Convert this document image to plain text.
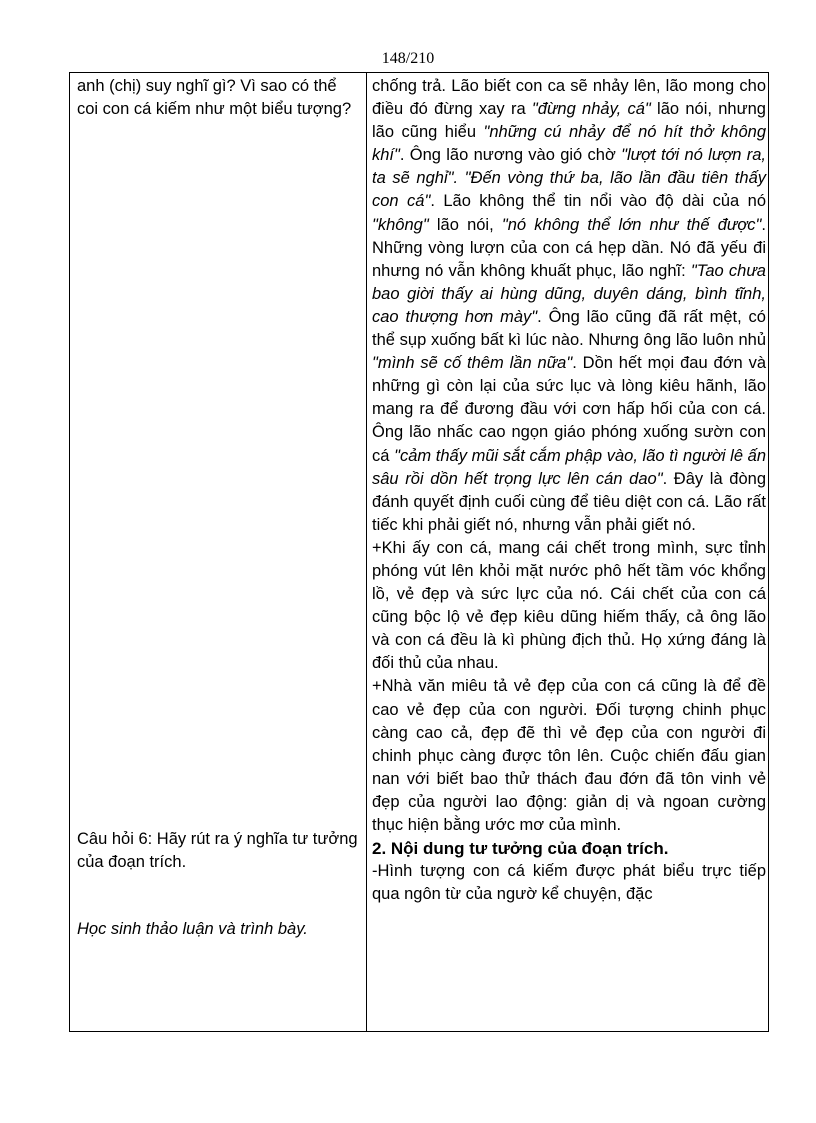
148/210
anh (chị) suy nghĩ gì? Vì sao có thể coi con cá kiếm như một biểu tượng?
Câu hỏi 6: Hãy rút ra ý nghĩa tư tưởng của đoạn trích.
Học sinh thảo luận và trình bày.

chống trả. Lão biết con ca sẽ nhảy lên, lão mong cho điều đó đừng xay ra "đừng nhảy, cá" lão nói, nhưng lão cũng hiểu "những cú nhảy để nó hít thở không khí". Ông lão nương vào gió chờ "lượt tới nó lượn ra, ta sẽ nghỉ". "Đến vòng thứ ba, lão lần đầu tiên thấy con cá". Lão không thể tin nổi vào độ dài của nó "không" lão nói, "nó không thể lớn như thế được". Những vòng lượn của con cá hẹp dần. Nó đã yếu đi nhưng nó vẫn không khuất phục, lão nghĩ: "Tao chưa bao giời thấy ai hùng dũng, duyên dáng, bình tĩnh, cao thượng hơn mày". Ông lão cũng đã rất mệt, có thể sụp xuống bất kì lúc nào. Nhưng ông lão luôn nhủ "mình sẽ cố thêm lần nữa". Dồn hết mọi đau đớn và những gì còn lại của sức lục và lòng kiêu hãnh, lão mang ra để đương đầu với cơn hấp hối của con cá. Ông lão nhấc cao ngọn giáo phóng xuống sườn con cá "cảm thấy mũi sắt cắm phập vào, lão tì người lê ấn sâu rồi dồn hết trọng lực lên cán dao". Đây là đòng đánh quyết định cuối cùng để tiêu diệt con cá. Lão rất tiếc khi phải giết nó, nhưng vẫn phải giết nó.

+Khi ấy con cá, mang cái chết trong mình, sực tỉnh phóng vút lên khỏi mặt nước phô hết tầm vóc khổng lồ, vẻ đẹp và sức lực của nó. Cái chết của con cá cũng bộc lộ vẻ đẹp kiêu dũng hiếm thấy, cả ông lão và con cá đều là kì phùng địch thủ. Họ xứng đáng là đối thủ của nhau.

+Nhà văn miêu tả vẻ đẹp của con cá cũng là để đề cao vẻ đẹp của con người. Đối tượng chinh phục càng cao cả, đẹp đẽ thì vẻ đẹp của con người đi chinh phục càng được tôn lên. Cuộc chiến đấu gian nan với biết bao thử thách đau đớn đã tôn vinh vẻ đẹp của người lao động: giản dị và ngoan cường thục hiện bằng ước mơ của mình.

2. Nội dung tư tưởng của đoạn trích.

-Hình tượng con cá kiếm được phát biểu trực tiếp qua ngôn từ của ngườ kể chuyện, đặc
